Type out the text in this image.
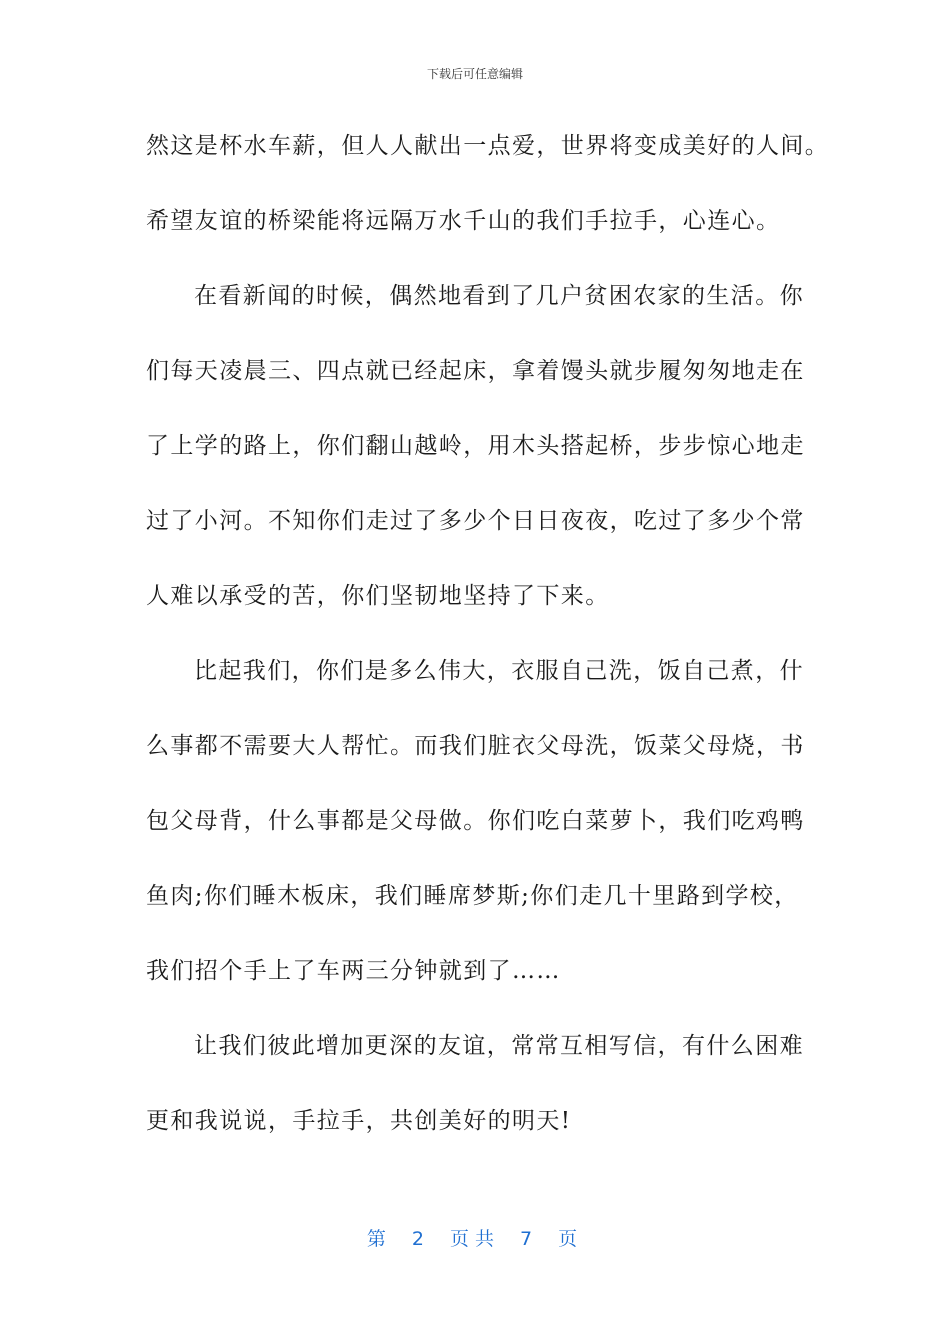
下载后可任意编辑
然这是杯水车薪，但人人献出一点爱，世界将变成美好的人间。
希望友谊的桥梁能将远隔万水千山的我们手拉手，心连心。
在看新闻的时候，偶然地看到了几户贫困农家的生活。你
们每天凌晨三、四点就已经起床，拿着馒头就步履匆匆地走在
了上学的路上，你们翻山越岭，用木头搭起桥，步步惊心地走
过了小河。不知你们走过了多少个日日夜夜，吃过了多少个常
人难以承受的苦，你们坚韧地坚持了下来。
比起我们，你们是多么伟大，衣服自己洗，饭自己煮，什
么事都不需要大人帮忙。而我们脏衣父母洗，饭菜父母烧，书
包父母背，什么事都是父母做。你们吃白菜萝卜，我们吃鸡鸭
鱼肉;你们睡木板床，我们睡席梦斯;你们走几十里路到学校，
我们招个手上了车两三分钟就到了……
让我们彼此增加更深的友谊，常常互相写信，有什么困难
更和我说说，手拉手，共创美好的明天!
第 2 页共 7 页
